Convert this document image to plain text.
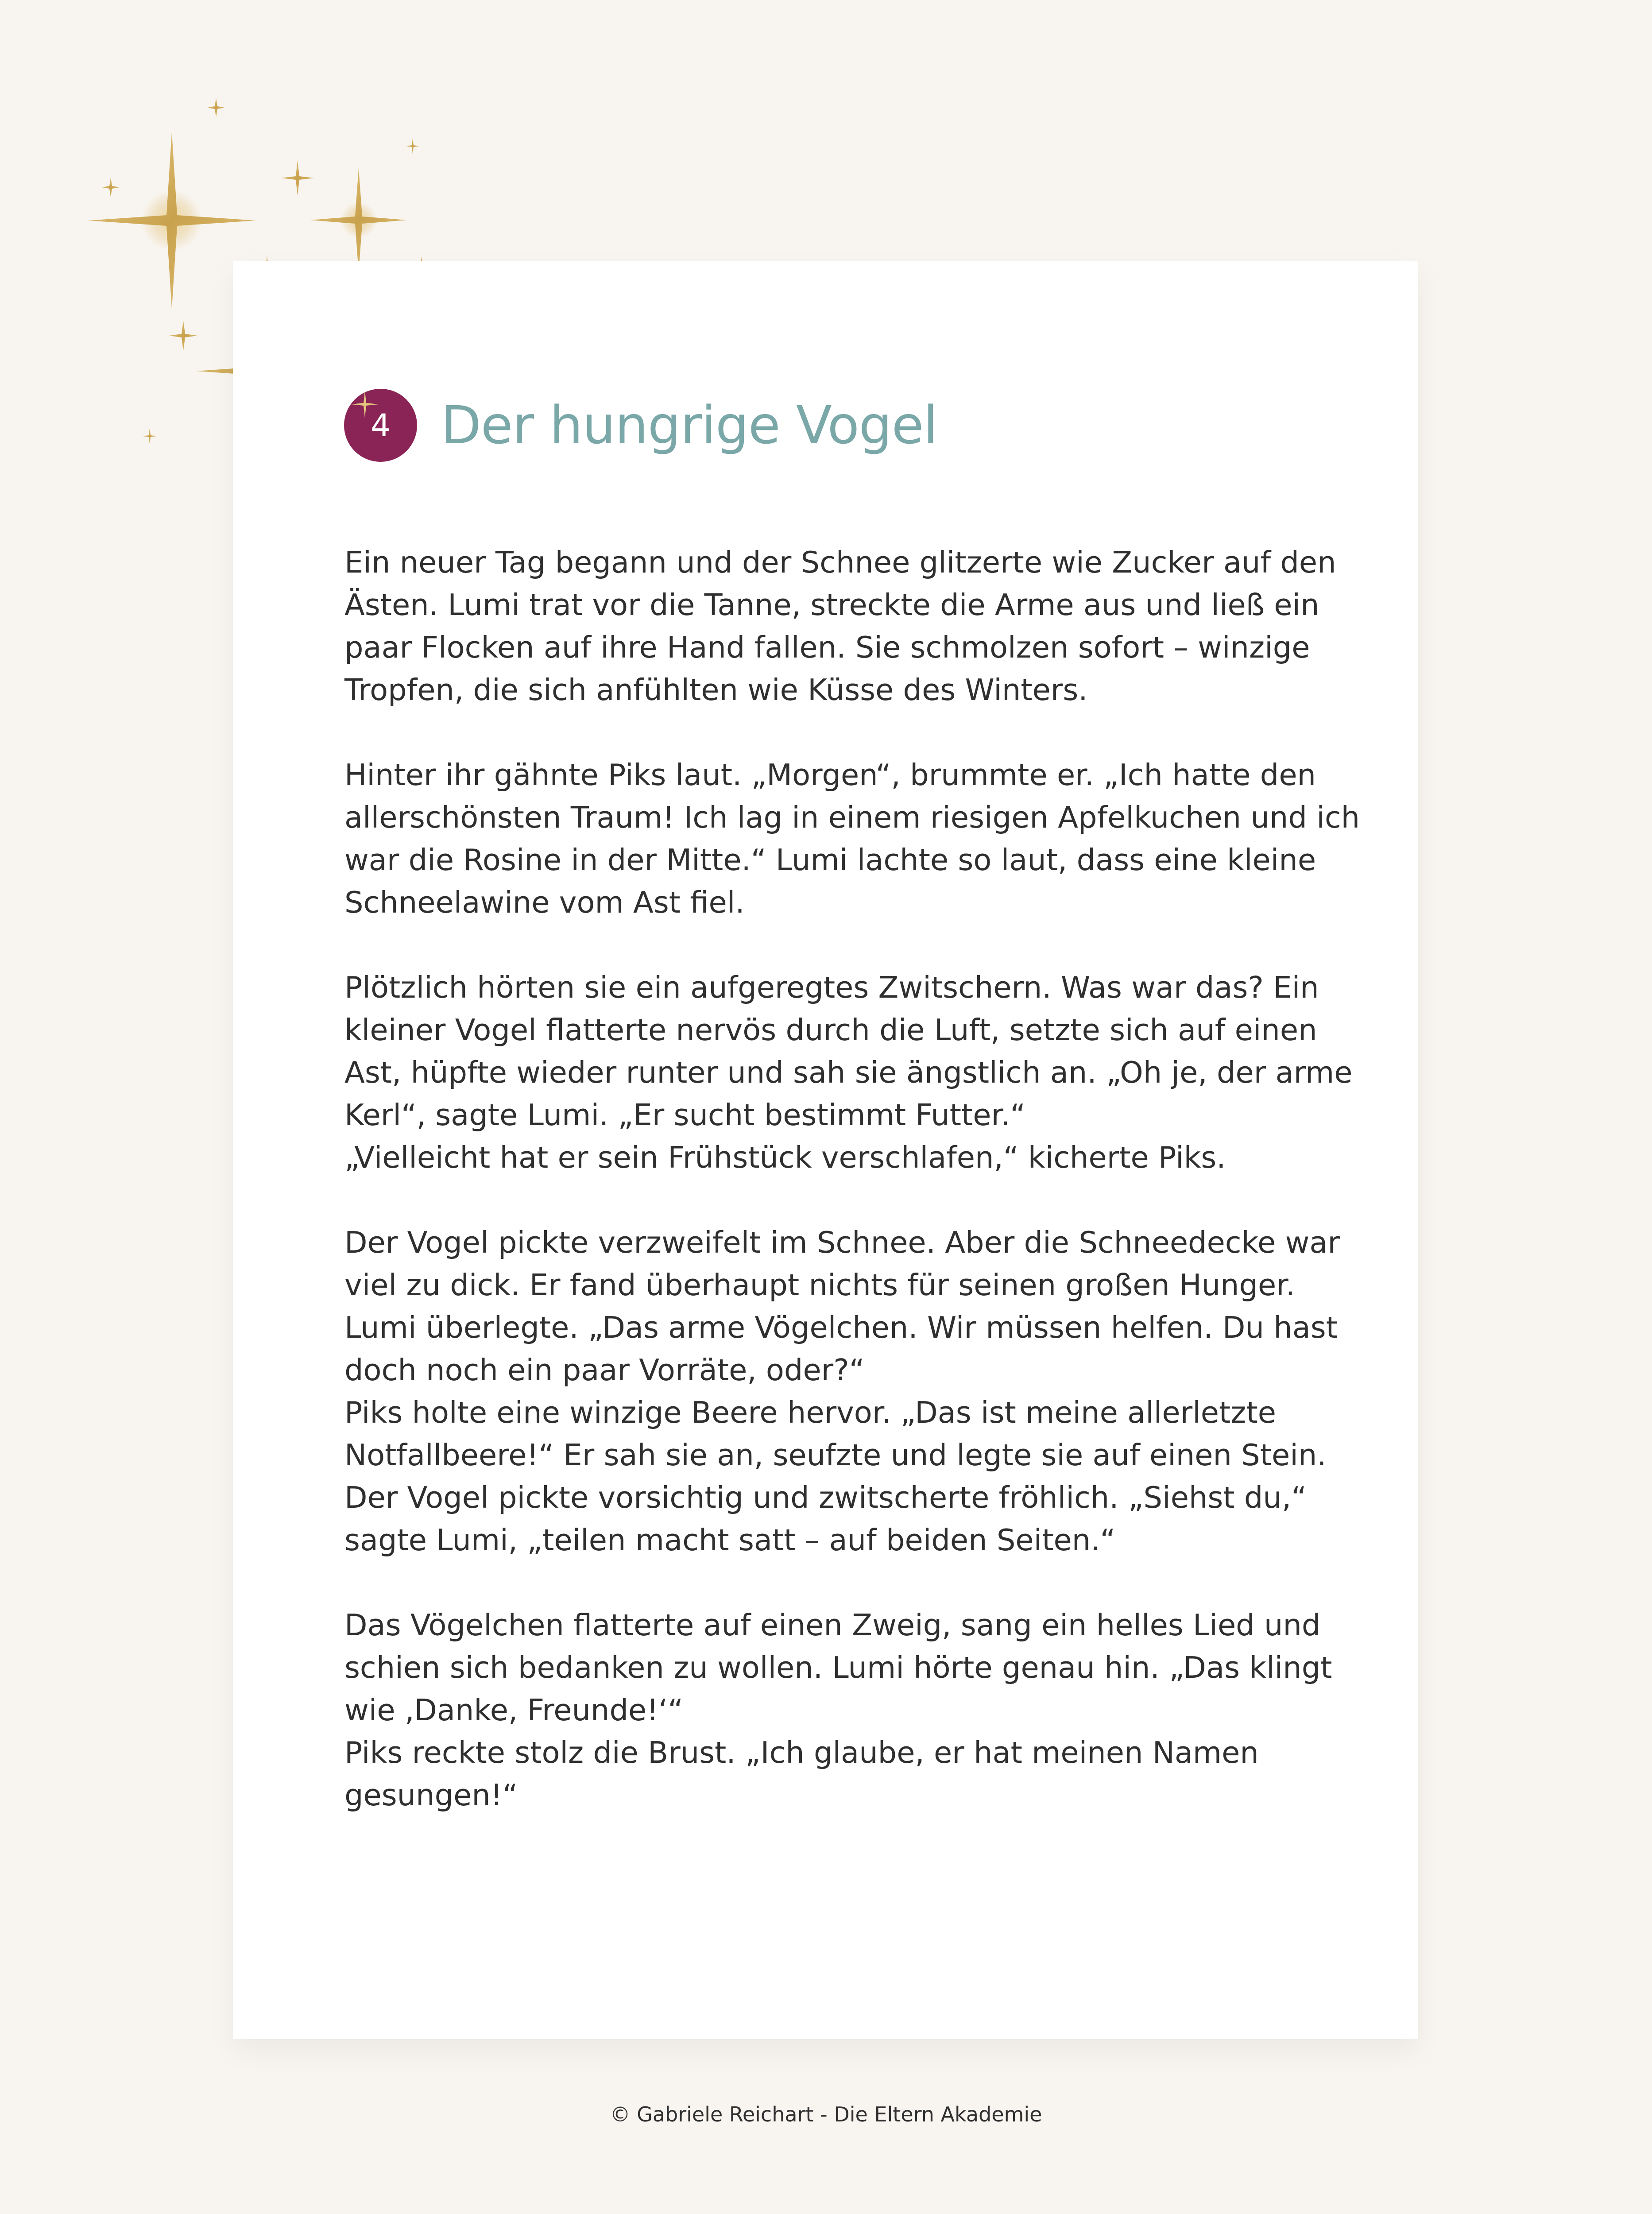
4 Der hungrige Vogel

Ein neuer Tag begann und der Schnee glitzerte wie Zucker auf den
Ästen. Lumi trat vor die Tanne, streckte die Arme aus und ließ ein
paar Flocken auf ihre Hand fallen. Sie schmolzen sofort – winzige
Tropfen, die sich anfühlten wie Küsse des Winters.

Hinter ihr gähnte Piks laut. „Morgen“, brummte er. „Ich hatte den
allerschönsten Traum! Ich lag in einem riesigen Apfelkuchen und ich
war die Rosine in der Mitte.“ Lumi lachte so laut, dass eine kleine
Schneelawine vom Ast fiel.

Plötzlich hörten sie ein aufgeregtes Zwitschern. Was war das? Ein
kleiner Vogel flatterte nervös durch die Luft, setzte sich auf einen
Ast, hüpfte wieder runter und sah sie ängstlich an. „Oh je, der arme
Kerl“, sagte Lumi. „Er sucht bestimmt Futter.“
„Vielleicht hat er sein Frühstück verschlafen,“ kicherte Piks.

Der Vogel pickte verzweifelt im Schnee. Aber die Schneedecke war
viel zu dick. Er fand überhaupt nichts für seinen großen Hunger.
Lumi überlegte. „Das arme Vögelchen. Wir müssen helfen. Du hast
doch noch ein paar Vorräte, oder?“
Piks holte eine winzige Beere hervor. „Das ist meine allerletzte
Notfallbeere!“ Er sah sie an, seufzte und legte sie auf einen Stein.
Der Vogel pickte vorsichtig und zwitscherte fröhlich. „Siehst du,“
sagte Lumi, „teilen macht satt – auf beiden Seiten.“

Das Vögelchen flatterte auf einen Zweig, sang ein helles Lied und
schien sich bedanken zu wollen. Lumi hörte genau hin. „Das klingt
wie ‚Danke, Freunde!‘“
Piks reckte stolz die Brust. „Ich glaube, er hat meinen Namen
gesungen!“

© Gabriele Reichart - Die Eltern Akademie
